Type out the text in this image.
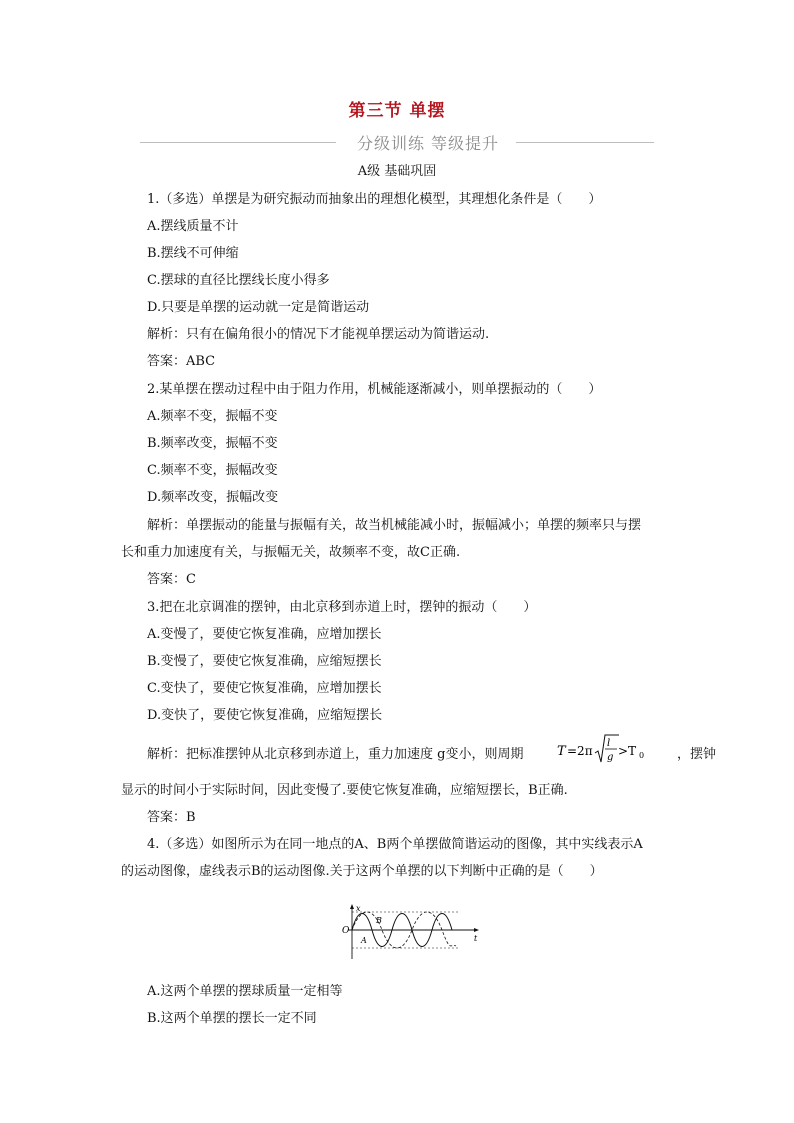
第三节 单摆
分级训练 等级提升
A级 基础巩固
1.（多选）单摆是为研究振动而抽象出的理想化模型，其理想化条件是（　　）
A.摆线质量不计
B.摆线不可伸缩
C.摆球的直径比摆线长度小得多
D.只要是单摆的运动就一定是简谐运动
解析：只有在偏角很小的情况下才能视单摆运动为简谐运动.
答案：ABC
2.某单摆在摆动过程中由于阻力作用，机械能逐渐减小，则单摆振动的（　　）
A.频率不变，振幅不变
B.频率改变，振幅不变
C.频率不变，振幅改变
D.频率改变，振幅改变
解析：单摆振动的能量与振幅有关，故当机械能减小时，振幅减小；单摆的频率只与摆
长和重力加速度有关，与振幅无关，故频率不变，故C正确.
答案：C
3.把在北京调准的摆钟，由北京移到赤道上时，摆钟的振动（　　）
A.变慢了，要使它恢复准确，应增加摆长
B.变慢了，要使它恢复准确，应缩短摆长
C.变快了，要使它恢复准确，应增加摆长
D.变快了，要使它恢复准确，应缩短摆长
解析：把标准摆钟从北京移到赤道上，重力加速度 g变小，则周期	T =2π
l
g >T 0	，摆钟
显示的时间小于实际时间，因此变慢了.要使它恢复准确，应缩短摆长，B正确.
答案：B
4.（多选）如图所示为在同一地点的A、B两个单摆做简谐运动的图像，其中实线表示A
的运动图像，虚线表示B的运动图像.关于这两个单摆的以下判断中正确的是（　　）
x
t
O
B
A
A.这两个单摆的摆球质量一定相等
B.这两个单摆的摆长一定不同
